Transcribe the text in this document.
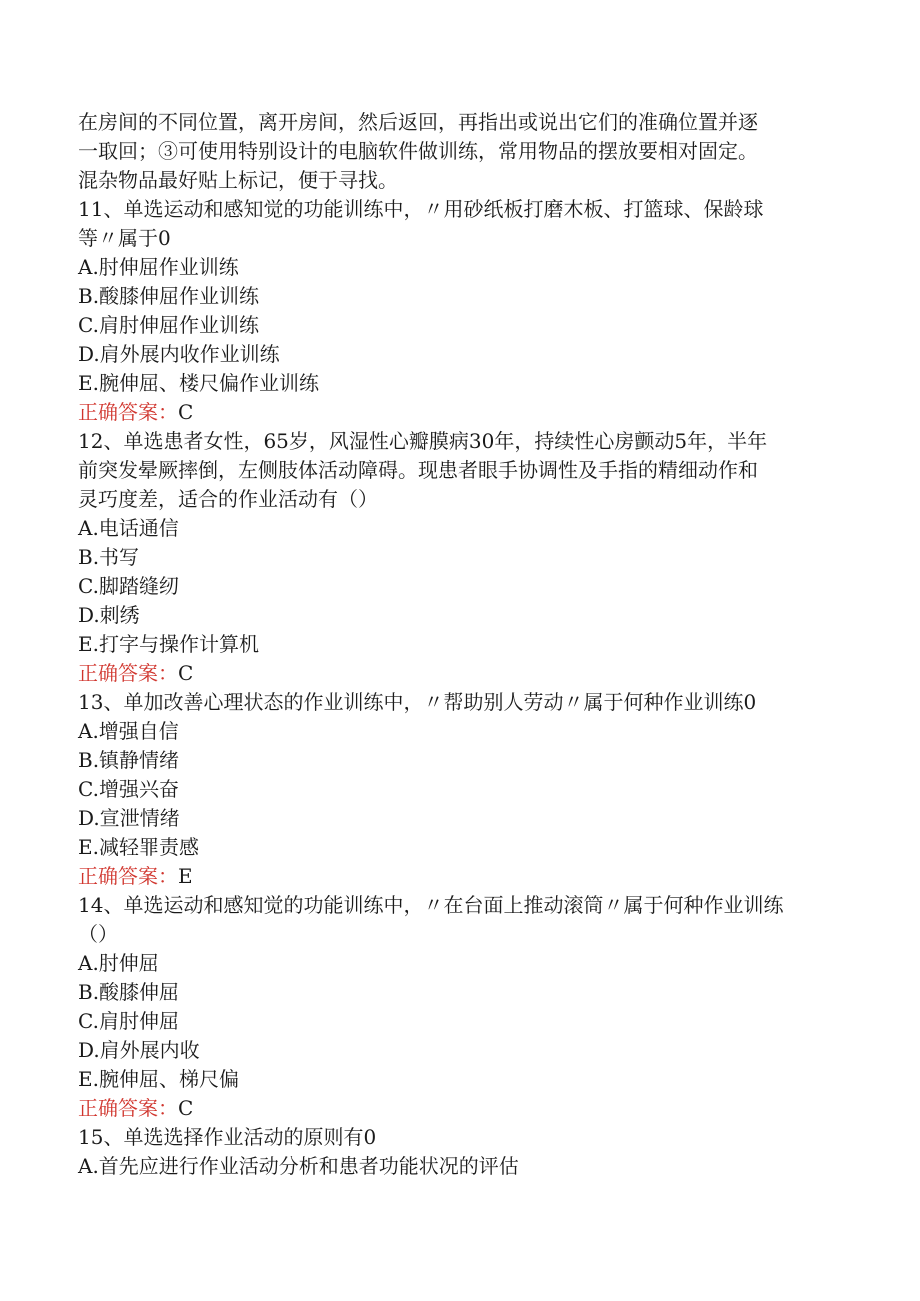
在房间的不同位置，离开房间，然后返回，再指出或说出它们的准确位置并逐
一取回；③可使用特别设计的电脑软件做训练，常用物品的摆放要相对固定。
混杂物品最好贴上标记，便于寻找。
11、单选运动和感知觉的功能训练中，〃用砂纸板打磨木板、打篮球、保龄球
等〃属于0
A.肘伸屈作业训练
B.酸膝伸屈作业训练
C.肩肘伸屈作业训练
D.肩外展内收作业训练
E.腕伸屈、楼尺偏作业训练
正确答案：C
12、单选患者女性，65岁，风湿性心瓣膜病30年，持续性心房颤动5年，半年
前突发晕厥摔倒，左侧肢体活动障碍。现患者眼手协调性及手指的精细动作和
灵巧度差，适合的作业活动有（）
A.电话通信
B.书写
C.脚踏缝纫
D.刺绣
E.打字与操作计算机
正确答案：C
13、单加改善心理状态的作业训练中，〃帮助别人劳动〃属于何种作业训练0
A.增强自信
B.镇静情绪
C.增强兴奋
D.宣泄情绪
E.减轻罪责感
正确答案：E
14、单选运动和感知觉的功能训练中，〃在台面上推动滚筒〃属于何种作业训练
（）
A.肘伸屈
B.酸膝伸屈
C.肩肘伸屈
D.肩外展内收
E.腕伸屈、梯尺偏
正确答案：C
15、单选选择作业活动的原则有0
A.首先应进行作业活动分析和患者功能状况的评估
